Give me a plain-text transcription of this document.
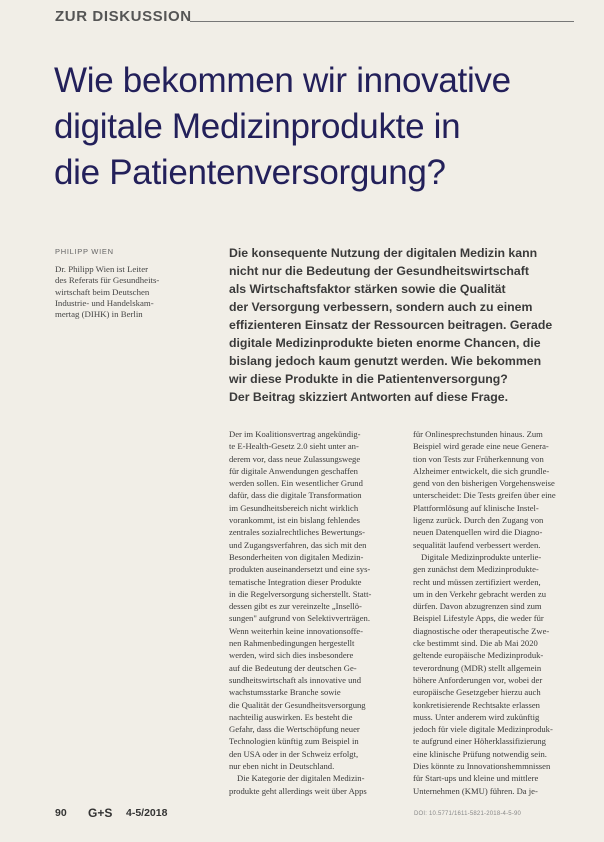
ZUR DISKUSSION
Wie bekommen wir innovative
digitale Medizinprodukte in
die Patientenversorgung?
PHILIPP WIEN
Dr. Philipp Wien ist Leiter
des Referats für Gesundheits-
wirtschaft beim Deutschen
Industrie- und Handelskam-
mertag (DIHK) in Berlin
Die konsequente Nutzung der digitalen Medizin kann
nicht nur die Bedeutung der Gesundheitswirtschaft
als Wirtschaftsfaktor stärken sowie die Qualität
der Versorgung verbessern, sondern auch zu einem
effizienteren Einsatz der Ressourcen beitragen. Gerade
digitale Medizinprodukte bieten enorme Chancen, die
bislang jedoch kaum genutzt werden. Wie bekommen
wir diese Produkte in die Patientenversorgung?
Der Beitrag skizziert Antworten auf diese Frage.
Der im Koalitionsvertrag angekündig-
te E-Health-Gesetz 2.0 sieht unter an-
derem vor, dass neue Zulassungswege
für digitale Anwendungen geschaffen
werden sollen. Ein wesentlicher Grund
dafür, dass die digitale Transformation
im Gesundheitsbereich nicht wirklich
vorankommt, ist ein bislang fehlendes
zentrales sozialrechtliches Bewertungs-
und Zugangsverfahren, das sich mit den
Besonderheiten von digitalen Medizin-
produkten auseinandersetzt und eine sys-
tematische Integration dieser Produkte
in die Regelversorgung sicherstellt. Statt-
dessen gibt es zur vereinzelte „Insellö-
sungen" aufgrund von Selektivverträgen.
Wenn weiterhin keine innovationsoffe-
nen Rahmenbedingungen hergestellt
werden, wird sich dies insbesondere
auf die Bedeutung der deutschen Ge-
sundheitswirtschaft als innovative und
wachstumsstarke Branche sowie
die Qualität der Gesundheitsversorgung
nachteilig auswirken. Es besteht die
Gefahr, dass die Wertschöpfung neuer
Technologien künftig zum Beispiel in
den USA oder in der Schweiz erfolgt,
nur eben nicht in Deutschland.
Die Kategorie der digitalen Medizin-
produkte geht allerdings weit über Apps
für Onlinesprechstunden hinaus. Zum
Beispiel wird gerade eine neue Genera-
tion von Tests zur Früherkennung von
Alzheimer entwickelt, die sich grundle-
gend von den bisherigen Vorgehensweise
unterscheidet: Die Tests greifen über eine
Plattformlösung auf klinische Instel-
ligenz zurück. Durch den Zugang von
neuen Datenquellen wird die Diagno-
sequalität laufend verbessert werden.
Digitale Medizinprodukte unterlie-
gen zunächst dem Medizinprodukte-
recht und müssen zertifiziert werden,
um in den Verkehr gebracht werden zu
dürfen. Davon abzugrenzen sind zum
Beispiel Lifestyle Apps, die weder für
diagnostische oder therapeutische Zwe-
cke bestimmt sind. Die ab Mai 2020
geltende europäische Medizinproduk-
teverordnung (MDR) stellt allgemein
höhere Anforderungen vor, wobei der
europäische Gesetzgeber hierzu auch
konkretisierende Rechtsakte erlassen
muss. Unter anderem wird zukünftig
jedoch für viele digitale Medizinproduk-
te aufgrund einer Höherklassifizierung
eine klinische Prüfung notwendig sein.
Dies könnte zu Innovationshemmnissen
für Start-ups und kleine und mittlere
Unternehmen (KMU) führen. Da je-
90 G+S 4-5/2018	DOI: 10.5771/1611-5821-2018-4-5-90
